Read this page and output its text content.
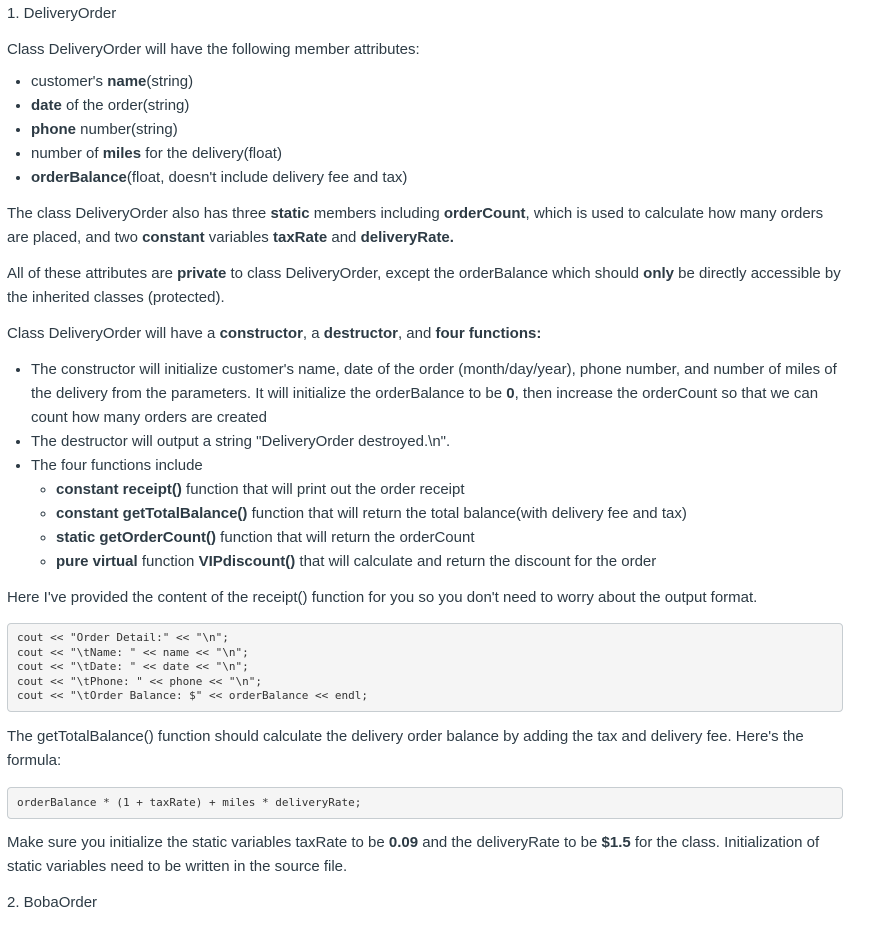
1. DeliveryOrder

Class DeliveryOrder will have the following member attributes:

• customer's name(string)
• date of the order(string)
• phone number(string)
• number of miles for the delivery(float)
• orderBalance(float, doesn't include delivery fee and tax)

The class DeliveryOrder also has three static members including orderCount, which is used to calculate how many orders are placed, and two constant variables taxRate and deliveryRate.

All of these attributes are private to class DeliveryOrder, except the orderBalance which should only be directly accessible by the inherited classes (protected).

Class DeliveryOrder will have a constructor, a destructor, and four functions:

• The constructor will initialize customer's name, date of the order (month/day/year), phone number, and number of miles of the delivery from the parameters. It will initialize the orderBalance to be 0, then increase the orderCount so that we can count how many orders are created
• The destructor will output a string "DeliveryOrder destroyed.\n".
• The four functions include
◦ constant receipt() function that will print out the order receipt
◦ constant getTotalBalance() function that will return the total balance(with delivery fee and tax)
◦ static getOrderCount() function that will return the orderCount
◦ pure virtual function VIPdiscount() that will calculate and return the discount for the order

Here I've provided the content of the receipt() function for you so you don't need to worry about the output format.

cout << "Order Detail:" << "\n";
cout << "\tName: " << name << "\n";
cout << "\tDate: " << date << "\n";
cout << "\tPhone: " << phone << "\n";
cout << "\tOrder Balance: $" << orderBalance << endl;

The getTotalBalance() function should calculate the delivery order balance by adding the tax and delivery fee. Here's the formula:

orderBalance * (1 + taxRate) + miles * deliveryRate;

Make sure you initialize the static variables taxRate to be 0.09 and the deliveryRate to be $1.5 for the class. Initialization of static variables need to be written in the source file.

2. BobaOrder
